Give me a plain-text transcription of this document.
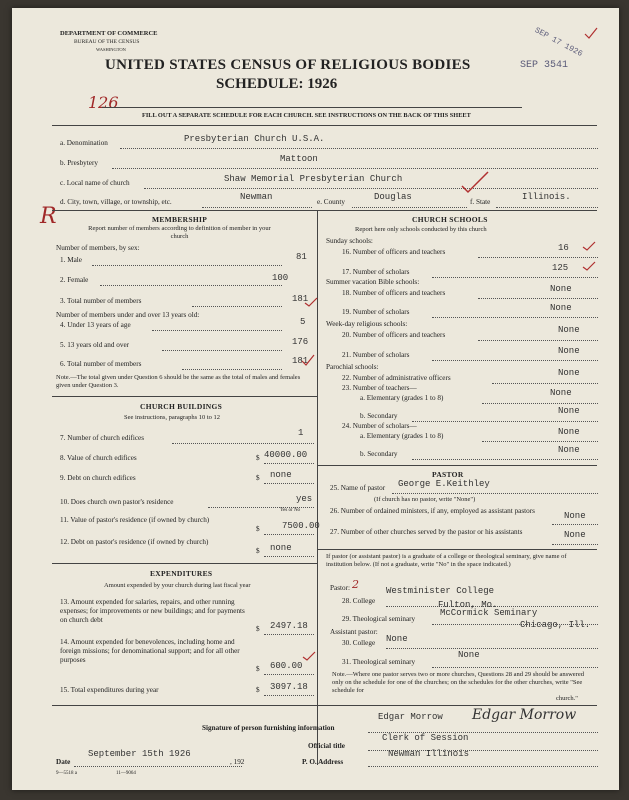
DEPARTMENT OF COMMERCE
BUREAU OF THE CENSUS
WASHINGTON
UNITED STATES CENSUS OF RELIGIOUS BODIES
SCHEDULE: 1926
SEP 3541
SEP 17 1926
126
FILL OUT A SEPARATE SCHEDULE FOR EACH CHURCH. SEE INSTRUCTIONS ON THE BACK OF THIS SHEET
a. Denomination	Presbyterian Church U.S.A.
b. Presbytery	Mattoon
c. Local name of church	Shaw Memorial Presbyterian Church
d. City, town, village, or township, etc.	Newman	e. County	Douglas	f. State	Illinois.
R	MEMBERSHIP
Report number of members according to definition of member in your church
Number of members, by sex:
1. Male	81
2. Female	100
3. Total number of members	181
Number of members under and over 13 years old:
4. Under 13 years of age	5
5. 13 years old and over	176
6. Total number of members	181
Note.—The total given under Question 6 should be the same as the total of males and females given under Question 3.
CHURCH BUILDINGS
See instructions, paragraphs 10 to 12
7. Number of church edifices	1
8. Value of church edifices	$ 40000.00
9. Debt on church edifices	$ none
10. Does church own pastor's residence	yes
Yes or No
11. Value of pastor's residence (if owned by church)
$ 7500.00
12. Debt on pastor's residence (if owned by church)
$ none
EXPENDITURES
Amount expended by your church during last fiscal year
13. Amount expended for salaries, repairs, and other running expenses; for improvements or new buildings; and for payments on church debt
$ 2497.18
14. Amount expended for benevolences, including home and foreign missions; for denominational support; and for all other purposes
$ 600.00
15. Total expenditures during year	$ 3097.18
CHURCH SCHOOLS
Report here only schools conducted by this church
Sunday schools:
16. Number of officers and teachers	16
17. Number of scholars	125
Summer vacation Bible schools:
18. Number of officers and teachers	None
19. Number of scholars	None
Week-day religious schools:
20. Number of officers and teachers	None
21. Number of scholars	None
Parochial schools:
22. Number of administrative officers	None
23. Number of teachers—
a. Elementary (grades 1 to 8)	None
b. Secondary	None
24. Number of scholars—
a. Elementary (grades 1 to 8)	None
b. Secondary	None
PASTOR
25. Name of pastor George E.Keithley
(If church has no pastor, write "None")
26. Number of ordained ministers, if any, employed as assistant pastors	None
27. Number of other churches served by the pastor or his assistants	None
If pastor (or assistant pastor) is a graduate of a college or theological seminary, give name of institution below. (If not a graduate, write "No" in the space indicated.)
Pastor: 2
28. College
Westminister College
Fulton, Mo.
29. Theological seminary
McCormick Seminary
Chicago, Ill.
Assistant pastor:
30. College None
31. Theological seminary
None
Note.—Where one pastor serves two or more churches, Questions 28 and 29 should be answered only on the schedule for one of the churches; on the schedules for the other churches, write "See schedule for
church."
Signature of person furnishing information
Edgar Morrow Edgar Morrow
Official title
Clerk of Session
Date
September 15th 1926
, 192	P. O. Address
Newman Illinois
9—5518 a	11—9064
